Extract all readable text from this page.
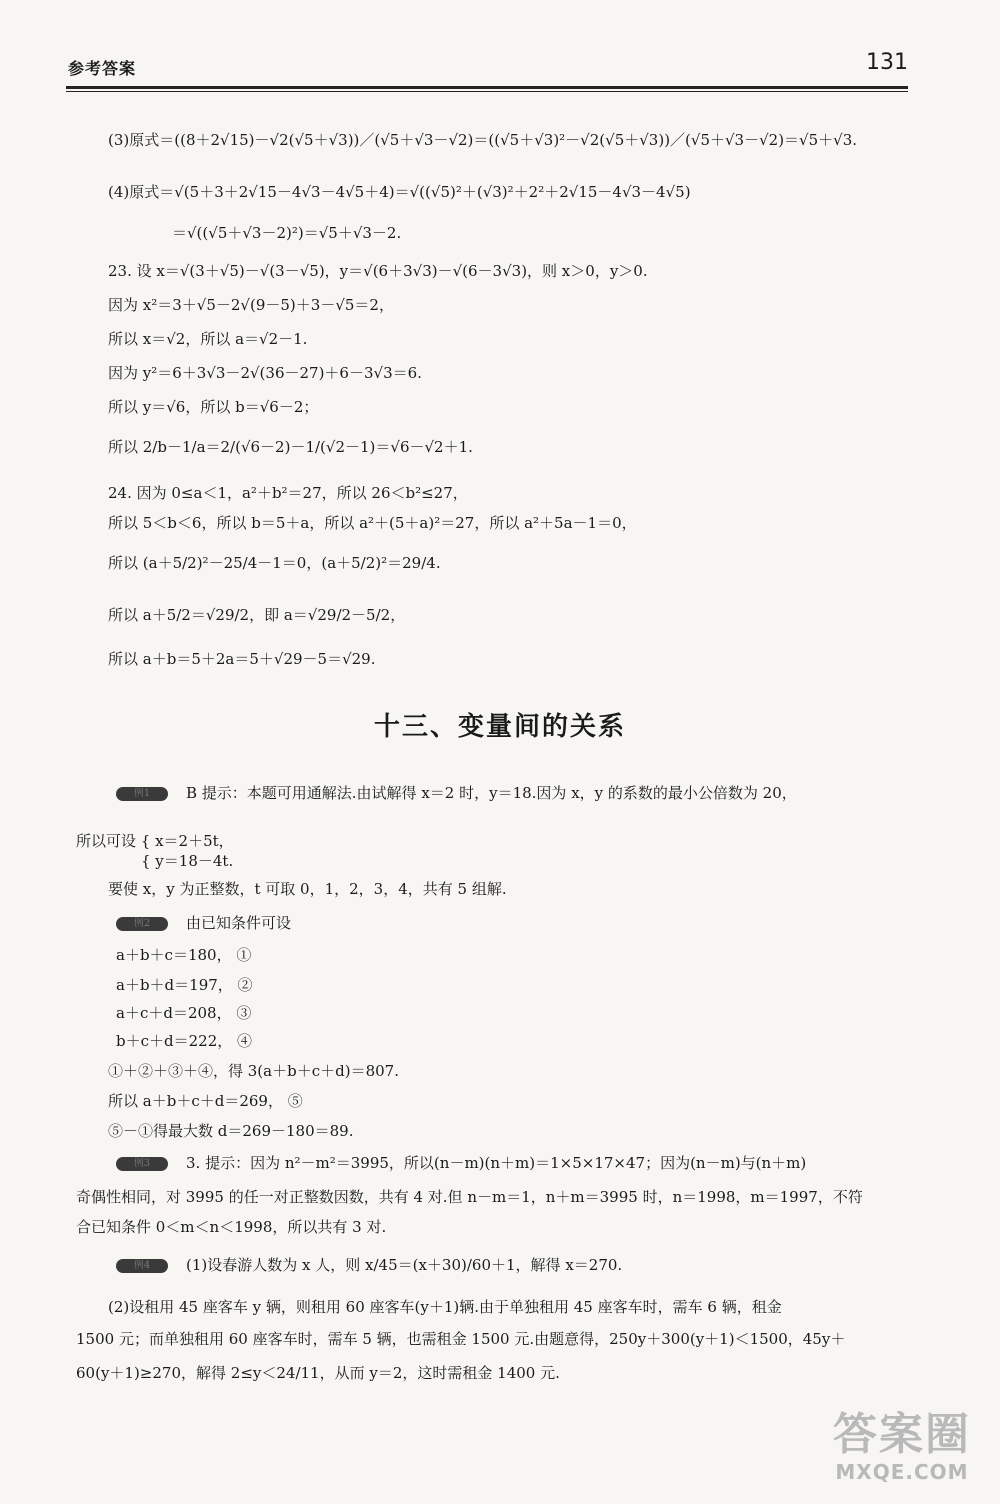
参考答案	131
(3)原式＝((8＋2√15)－√2(√5＋√3))／(√5＋√3－√2)＝((√5＋√3)²－√2(√5＋√3))／(√5＋√3－√2)＝√5＋√3.
(4)原式＝√(5＋3＋2√15－4√3－4√5＋4)＝√((√5)²＋(√3)²＋2²＋2√15－4√3－4√5)
＝√((√5＋√3－2)²)＝√5＋√3－2.
23. 设 x＝√(3＋√5)－√(3－√5)，y＝√(6＋3√3)－√(6－3√3)，则 x＞0，y＞0.
因为 x²＝3＋√5－2√(9－5)＋3－√5＝2，
所以 x＝√2，所以 a＝√2－1.
因为 y²＝6＋3√3－2√(36－27)＋6－3√3＝6.
所以 y＝√6，所以 b＝√6－2；
所以 2/b－1/a＝2/(√6－2)－1/(√2－1)＝√6－√2＋1.
24. 因为 0≤a＜1，a²＋b²＝27，所以 26＜b²≤27，
所以 5＜b＜6，所以 b＝5＋a，所以 a²＋(5＋a)²＝27，所以 a²＋5a－1＝0，
所以 (a＋5/2)²－25/4－1＝0，(a＋5/2)²＝29/4.
所以 a＋5/2＝√29/2，即 a＝√29/2－5/2，
所以 a＋b＝5＋2a＝5＋√29－5＝√29.
十三、变量间的关系
例1 B 提示：本题可用通解法.由试解得 x＝2 时，y＝18.因为 x，y 的系数的最小公倍数为 20，
所以可设 { x＝2＋5t，
{ y＝18－4t.
要使 x，y 为正整数，t 可取 0，1，2，3，4，共有 5 组解.
例2 由已知条件可设
a＋b＋c＝180， ①
a＋b＋d＝197， ②
a＋c＋d＝208， ③
b＋c＋d＝222， ④
①＋②＋③＋④，得 3(a＋b＋c＋d)＝807.
所以 a＋b＋c＋d＝269， ⑤
⑤－①得最大数 d＝269－180＝89.
例3 3. 提示：因为 n²－m²＝3995，所以(n－m)(n＋m)＝1×5×17×47；因为(n－m)与(n＋m)
奇偶性相同，对 3995 的任一对正整数因数，共有 4 对.但 n－m＝1，n＋m＝3995 时，n＝1998，m＝1997，不符
合已知条件 0＜m＜n＜1998，所以共有 3 对.
例4 (1)设春游人数为 x 人，则 x/45＝(x＋30)/60＋1，解得 x＝270.
(2)设租用 45 座客车 y 辆，则租用 60 座客车(y＋1)辆.由于单独租用 45 座客车时，需车 6 辆，租金
1500 元；而单独租用 60 座客车时，需车 5 辆，也需租金 1500 元.由题意得，250y＋300(y＋1)＜1500，45y＋
60(y＋1)≥270，解得 2≤y＜24/11，从而 y＝2，这时需租金 1400 元.
答案圈
MXQE.COM
